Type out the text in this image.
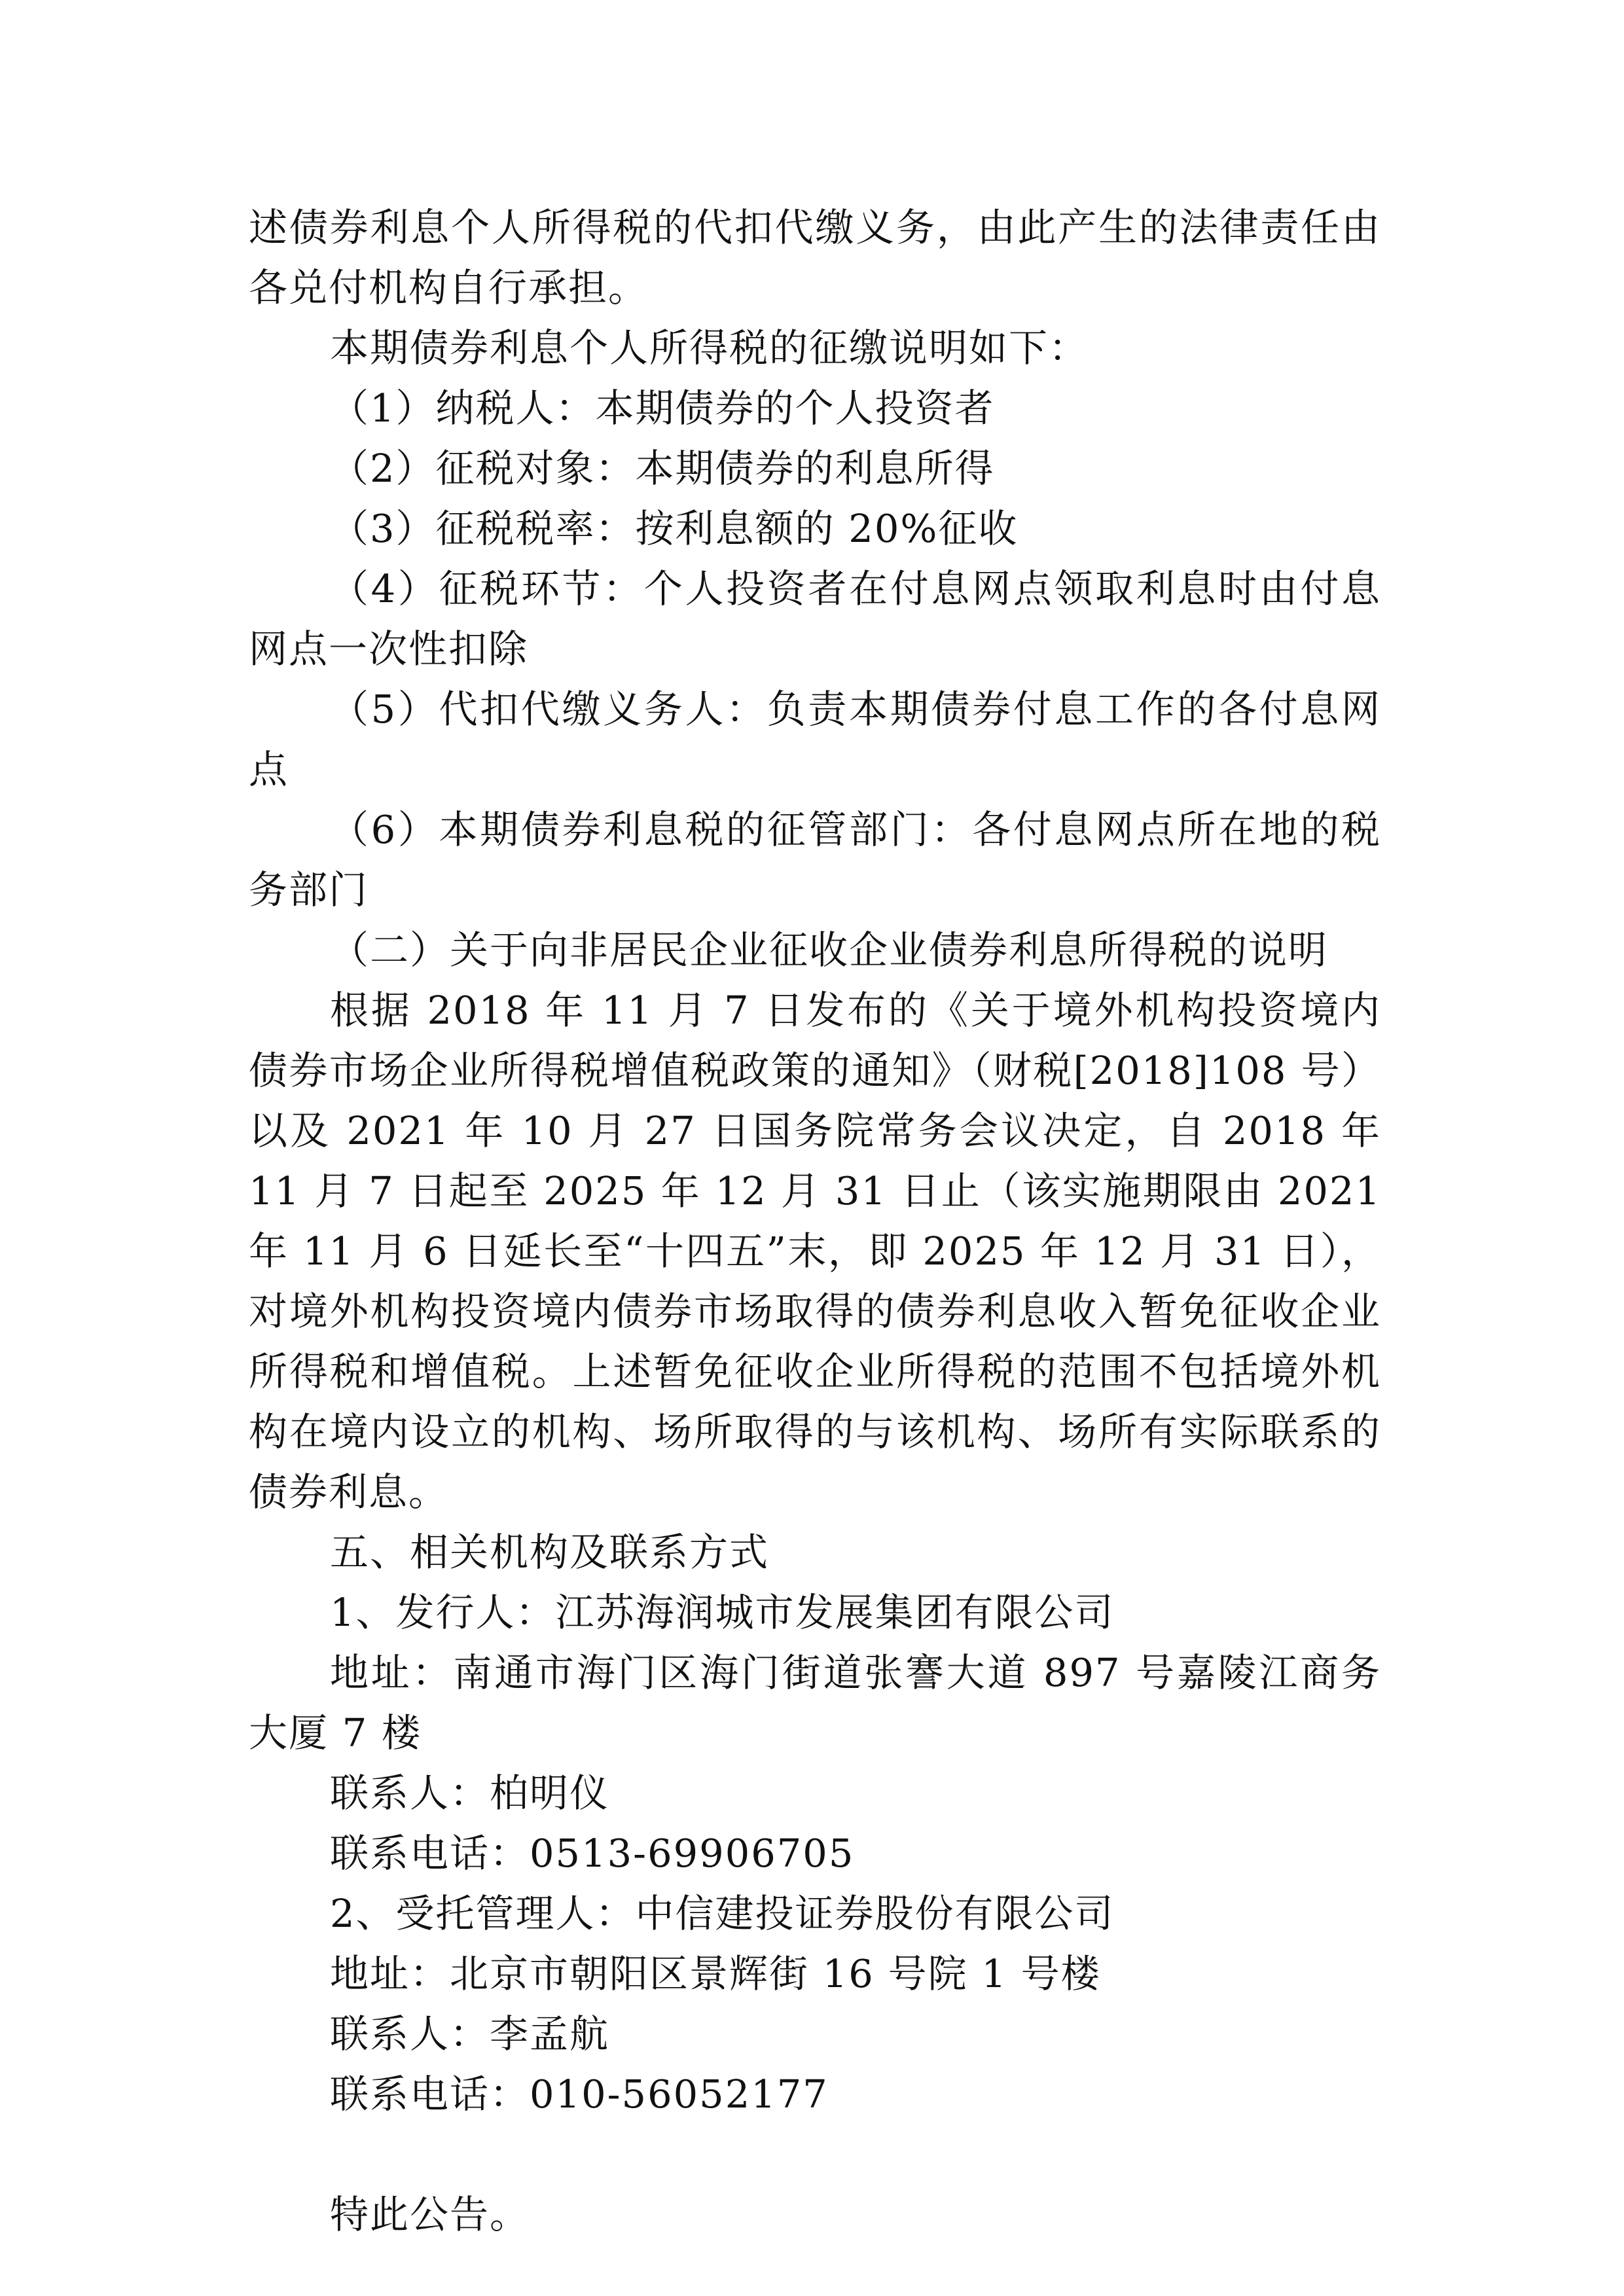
述债券利息个人所得税的代扣代缴义务，由此产生的法律责任由各兑付机构自行承担。

本期债券利息个人所得税的征缴说明如下：

（1）纳税人：本期债券的个人投资者

（2）征税对象：本期债券的利息所得

（3）征税税率：按利息额的 20%征收

（4）征税环节：个人投资者在付息网点领取利息时由付息网点一次性扣除

（5）代扣代缴义务人：负责本期债券付息工作的各付息网点

（6）本期债券利息税的征管部门：各付息网点所在地的税务部门

（二）关于向非居民企业征收企业债券利息所得税的说明

根据 2018 年 11 月 7 日发布的《关于境外机构投资境内债券市场企业所得税增值税政策的通知》（财税[2018]108 号）以及 2021 年 10 月 27 日国务院常务会议决定，自 2018 年 11 月 7 日起至 2025 年 12 月 31 日止（该实施期限由 2021 年 11 月 6 日延长至“十四五”末，即 2025 年 12 月 31 日），对境外机构投资境内债券市场取得的债券利息收入暂免征收企业所得税和增值税。上述暂免征收企业所得税的范围不包括境外机构在境内设立的机构、场所取得的与该机构、场所有实际联系的债券利息。

五、相关机构及联系方式

1、发行人：江苏海润城市发展集团有限公司

地址：南通市海门区海门街道张謇大道 897 号嘉陵江商务大厦 7 楼

联系人：柏明仪

联系电话：0513-69906705

2、受托管理人：中信建投证券股份有限公司

地址：北京市朝阳区景辉街 16 号院 1 号楼

联系人：李孟航

联系电话：010-56052177

特此公告。
